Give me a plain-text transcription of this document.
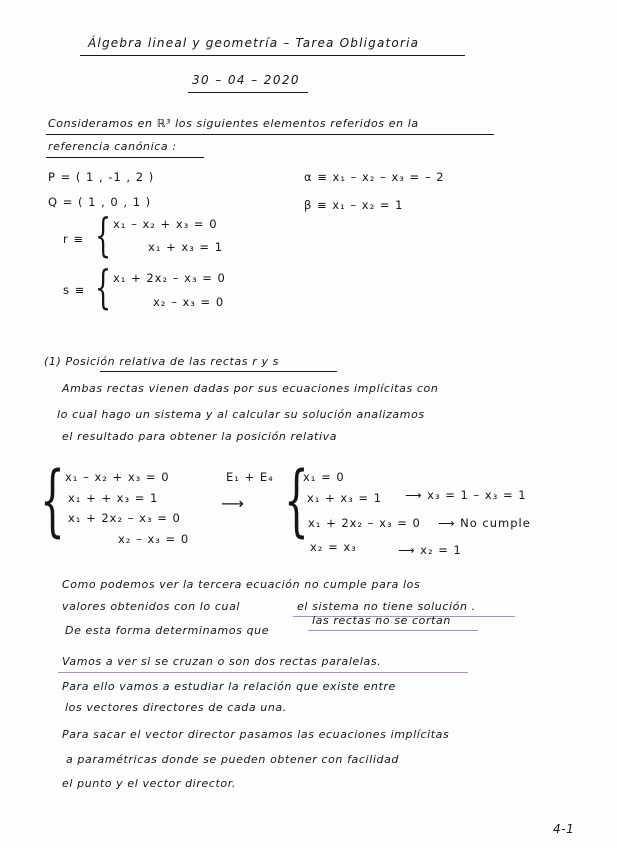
Álgebra lineal y geometría – Tarea Obligatoria
30 – 04 – 2020
Consideramos en ℝ³ los siguientes elementos referidos en la
referencia canónica :
P = ( 1 , -1 , 2 )
Q = ( 1 , 0 , 1 )
α ≡ x₁ – x₂ – x₃ = – 2
β ≡ x₁ – x₂ = 1
r ≡ { x₁ – x₂ + x₃ = 0
x₁ + x₃ = 1
s ≡ { x₁ + 2x₂ – x₃ = 0
x₂ – x₃ = 0
(1) Posición relativa de las rectas r y s
Ambas rectas vienen dadas por sus ecuaciones implícitas con
lo cual hago un sistema y al calcular su solución analizamos
el resultado para obtener la posición relativa
{ x₁ – x₂ + x₃ = 0
x₁ + + x₃ = 1
x₁ + 2x₂ – x₃ = 0
x₂ – x₃ = 0
E₁ + E₄
⟶ {
x₁ = 0
x₁ + x₃ = 1
x₁ + 2x₂ – x₃ = 0
x₂ = x₃
⟶ x₃ = 1 – x₃ = 1
⟶ No cumple
⟶ x₂ = 1
Como podemos ver la tercera ecuación no cumple para los
valores obtenidos con lo cual	el sistema no tiene solución .
De esta forma determinamos que
las rectas no se cortan
Vamos a ver si se cruzan o son dos rectas paralelas.
Para ello vamos a estudiar la relación que existe entre
los vectores directores de cada una.
Para sacar el vector director pasamos las ecuaciones implícitas
a paramétricas donde se pueden obtener con facilidad
el punto y el vector director.
4-1
